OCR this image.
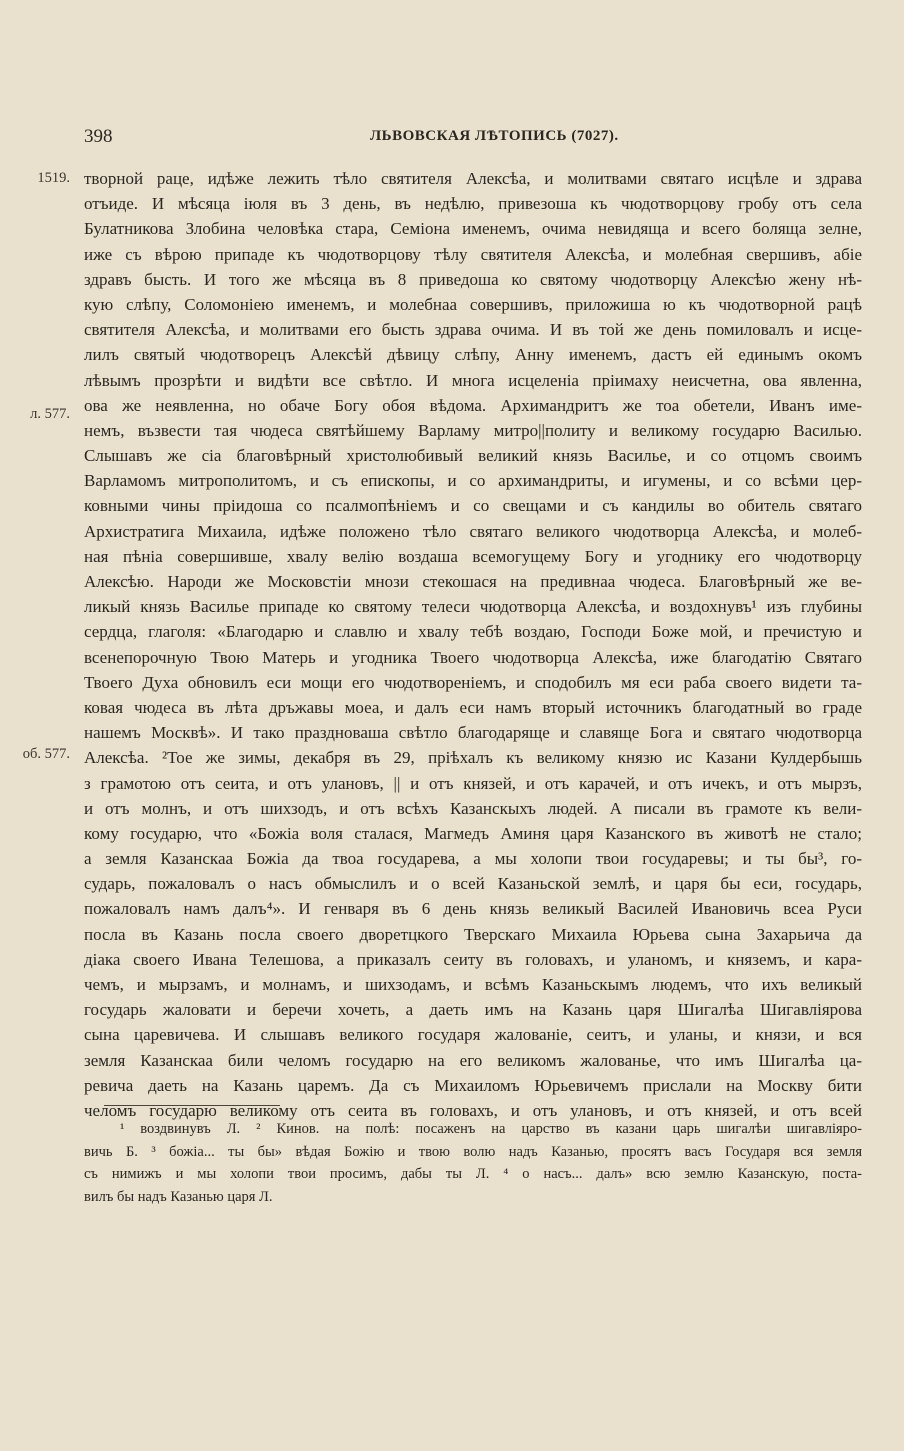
398	ЛЬВОВСКАЯ ЛѢТОПИСЬ (7027).
1519.
л. 577.
об. 577.
творной раце, идѣже лежить тѣло святителя Алексѣа, и молитвами святаго исцѣле и здрава
отъиде. И мѣсяца іюля въ 3 день, въ недѣлю, привезоша къ чюдотворцову гробу отъ села
Булатникова Злобина человѣка стара, Семіона именемъ, очима невидяща и всего боляща зелне,
иже съ вѣрою припаде къ чюдотворцову тѣлу святителя Алексѣа, и молебная свершивъ, абіе
здравъ бысть. И того же мѣсяца въ 8 приведоша ко святому чюдотворцу Алексѣю жену нѣ-
кую слѣпу, Соломоніею именемъ, и молебнаа совершивъ, приложиша ю къ чюдотворной рацѣ
святителя Алексѣа, и молитвами его бысть здрава очима. И въ той же день помиловалъ и исце-
лилъ святый чюдотворецъ Алексѣй дѣвицу слѣпу, Анну именемъ, дастъ ей единымъ окомъ
лѣвымъ прозрѣти и видѣти все свѣтло. И многа исцеленіа пріимаху неисчетна, ова явленна,
ова же неявленна, но обаче Богу обоя вѣдома. Архимандритъ же тоа обетели, Иванъ име-
немъ, възвести тая чюдеса святѣйшему Варламу митро||политу и великому государю Василью.
Слышавъ же сіа благовѣрный христолюбивый великий князь Василье, и со отцомъ своимъ
Варламомъ митрополитомъ, и съ епископы, и со архимандриты, и игумены, и со всѣми цер-
ковными чины пріидоша со псалмопѣніемъ и со свещами и съ кандилы во обитель святаго
Архистратига Михаила, идѣже положено тѣло святаго великого чюдотворца Алексѣа, и молеб-
ная пѣніа совершивше, хвалу велію воздаша всемогущему Богу и угоднику его чюдотворцу
Алексѣю. Народи же Московстіи мнози стекошася на предивнаа чюдеса. Благовѣрный же ве-
ликый князь Василье припаде ко святому телеси чюдотворца Алексѣа, и воздохнувъ¹ изъ глубины
сердца, глаголя: «Благодарю и славлю и хвалу тебѣ воздаю, Господи Боже мой, и пречистую и
всенепорочную Твою Матерь и угодника Твоего чюдотворца Алексѣа, иже благодатію Святаго
Твоего Духа обновилъ еси мощи его чюдотвореніемъ, и сподобилъ мя еси раба своего видети та-
ковая чюдеса въ лѣта дръжавы моеа, и далъ еси намъ вторый источникъ благодатный во граде
нашемъ Москвѣ». И тако праздноваша свѣтло благодаряще и славяще Бога и святаго чюдотворца
Алексѣа. ²Тое же зимы, декабря въ 29, пріѣхалъ къ великому князю ис Казани Кулдербышь
з грамотою отъ сеита, и отъ улановъ, || и отъ князей, и отъ карачей, и отъ ичекъ, и отъ мырзъ,
и отъ молнъ, и отъ шихзодъ, и отъ всѣхъ Казанскыхъ людей. А писали въ грамоте къ вели-
кому государю, что «Божіа воля сталася, Магмедъ Аминя царя Казанского въ животѣ не стало;
а земля Казанскаа Божіа да твоа государева, а мы холопи твои государевы; и ты бы³, го-
сударь, пожаловалъ о насъ обмыслилъ и о всей Казаньской землѣ, и царя бы еси, государь,
пожаловалъ намъ далъ⁴». И генваря въ 6 день князь великый Василей Ивановичь всеа Руси
посла въ Казань посла своего дворетцкого Тверскаго Михаила Юрьева сына Захарьича да
діака своего Ивана Телешова, а приказалъ сеиту въ головахъ, и уланомъ, и княземъ, и кара-
чемъ, и мырзамъ, и молнамъ, и шихзодамъ, и всѣмъ Казаньскымъ людемъ, что ихъ великый
государь жаловати и беречи хочеть, а даеть имъ на Казань царя Шигалѣа Шигавліярова
сына царевичева. И слышавъ великого государя жалованіе, сеитъ, и уланы, и князи, и вся
земля Казанскаа били челомъ государю на его великомъ жалованье, что имъ Шигалѣа ца-
ревича даеть на Казань царемъ. Да съ Михаиломъ Юрьевичемъ прислали на Москву бити
челомъ государю великому отъ сеита въ головахъ, и отъ улановъ, и отъ князей, и отъ всей
¹ воздвинувъ Л. ² Кинов. на полѣ: посаженъ на царство въ казани царь шигалѣи шигавліяро-
вичь Б. ³ божіа... ты бы» вѣдая Божію и твою волю надъ Казанью, просятъ васъ Государя вся земля
съ нимижъ и мы холопи твои просимъ, дабы ты Л. ⁴ о насъ... далъ» всю землю Казанскую, поста-
вилъ бы надъ Казанью царя Л.
